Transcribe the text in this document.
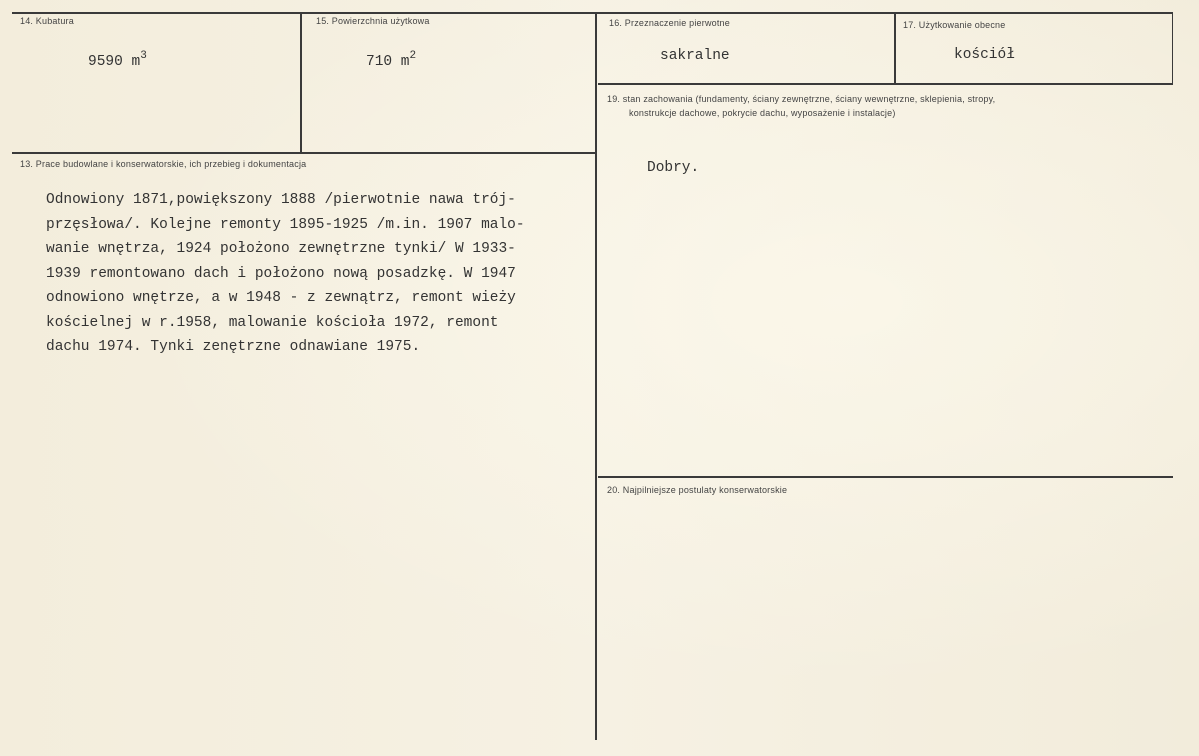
14. Kubatura
9590 $m^3$
15. Powierzchnia użytkowa
710 $m^2$
16. Przeznaczenie pierwotne
sakralne
17. Użytkowanie obecne
kościół
19. stan zachowania (fundamenty, ściany zewnętrzne, ściany wewnętrzne, sklepienia, stropy,
konstrukcje dachowe, pokrycie dachu, wyposażenie i instalacje)
Dobry.
13. Prace budowlane i konserwatorskie, ich przebieg i dokumentacja
Odnowiony 1871,powiększony 1888 /pierwotnie nawa trój-
przęsłowa/. Kolejne remonty 1895-1925 /m.in. 1907 malo-
wanie wnętrza, 1924 położono zewnętrzne tynki/ W 1933-
1939 remontowano dach i położono nową posadzkę. W 1947
odnowiono wnętrze, a w 1948 - z zewnątrz, remont wieży
kościelnej w r.1958, malowanie kościoła 1972, remont
dachu 1974. Tynki zenętrzne odnawiane 1975.
20. Najpilniejsze postulaty konserwatorskie
